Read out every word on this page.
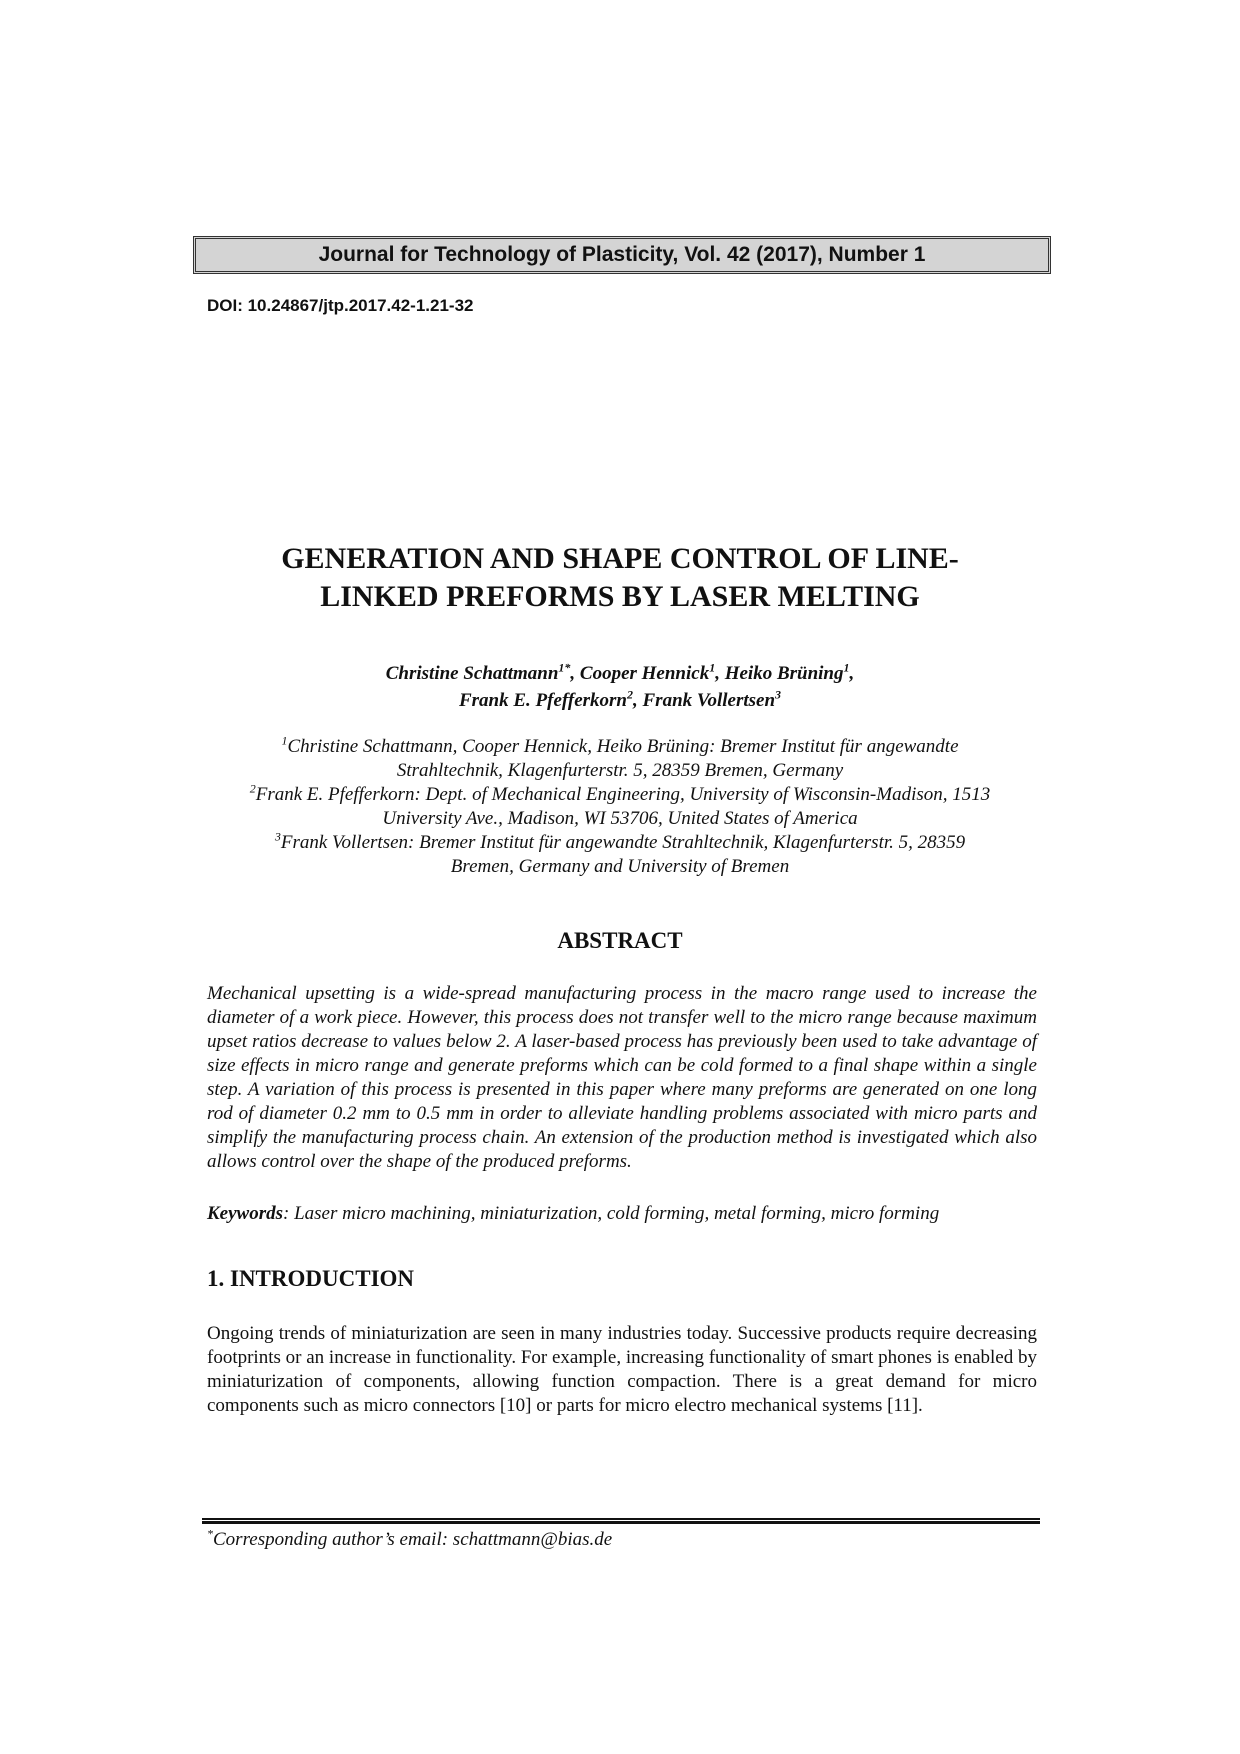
Journal for Technology of Plasticity, Vol. 42 (2017), Number 1
DOI: 10.24867/jtp.2017.42-1.21-32
GENERATION AND SHAPE CONTROL OF LINE-
LINKED PREFORMS BY LASER MELTING
Christine Schattmann$^{1*}$, Cooper Hennick$^1$, Heiko Brüning$^1$,
Frank E. Pfefferkorn$^2$, Frank Vollertsen$^3$
$^1$Christine Schattmann, Cooper Hennick, Heiko Brüning: Bremer Institut für angewandte
Strahltechnik, Klagenfurterstr. 5, 28359 Bremen, Germany
$^2$Frank E. Pfefferkorn: Dept. of Mechanical Engineering, University of Wisconsin-Madison, 1513
University Ave., Madison, WI 53706, United States of America
$^3$Frank Vollertsen: Bremer Institut für angewandte Strahltechnik, Klagenfurterstr. 5, 28359
Bremen, Germany and University of Bremen
ABSTRACT

Mechanical upsetting is a wide-spread manufacturing process in the macro range used to increase the diameter of a work piece. However, this process does not transfer well to the micro range because maximum upset ratios decrease to values below 2. A laser-based process has previously been used to take advantage of size effects in micro range and generate preforms which can be cold formed to a final shape within a single step. A variation of this process is presented in this paper where many preforms are generated on one long rod of diameter 0.2 mm to 0.5 mm in order to alleviate handling problems associated with micro parts and simplify the manufacturing process chain. An extension of the production method is investigated which also allows control over the shape of the produced preforms.

Keywords: Laser micro machining, miniaturization, cold forming, metal forming, micro forming

1. INTRODUCTION

Ongoing trends of miniaturization are seen in many industries today. Successive products require decreasing footprints or an increase in functionality. For example, increasing functionality of smart phones is enabled by miniaturization of components, allowing function compaction. There is a great demand for micro components such as micro connectors [10] or parts for micro electro mechanical systems [11].

*Corresponding author’s email: schattmann@bias.de
